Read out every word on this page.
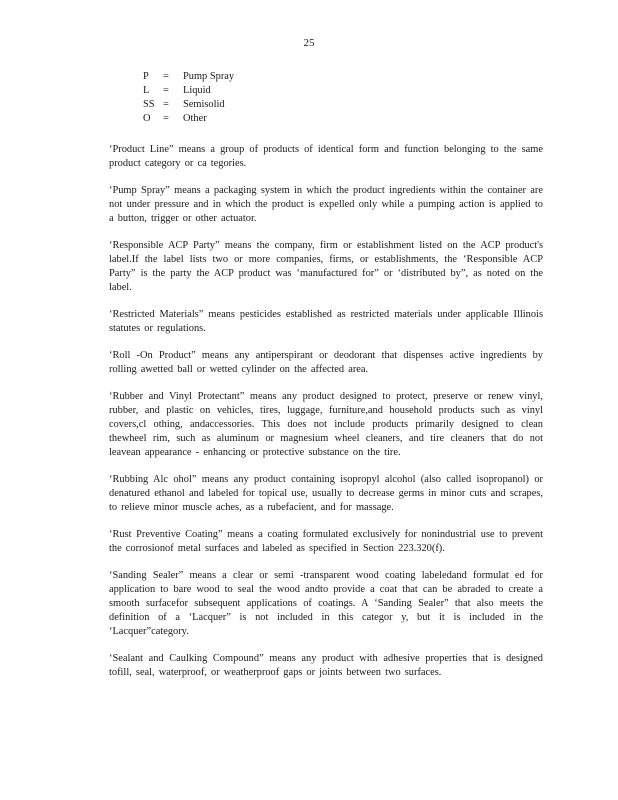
25
P	=	Pump Spray
L	=	Liquid
SS =	Semisolid
O	=	Other

‘Product Line” means a group of products of identical form and function belonging to the same product category or ca tegories.

‘Pump Spray” means a packaging system in which the product ingredients within the container are not under pressure and in which the product is expelled only while a pumping action is applied to a button, trigger or other actuator.

‘Responsible ACP Party” means the company, firm or establishment listed on the ACP product's label.If the label lists two or more companies, firms, or establishments, the ‘Responsible ACP Party” is the party the ACP product was ‘manufactured for” or ‘distributed by”, as noted on the label.

‘Restricted Materials” means pesticides established as restricted materials under applicable Illinois statutes or regulations.

‘Roll -On Product” means any antiperspirant or deodorant that dispenses active ingredients by rolling awetted ball or wetted cylinder on the affected area.

‘Rubber and Vinyl Protectant” means any product designed to protect, preserve or renew vinyl, rubber, and plastic on vehicles, tires, luggage, furniture,and household products such as vinyl covers,cl othing, andaccessories. This does not include products primarily designed to clean thewheel rim, such as aluminum or magnesium wheel cleaners, and tire cleaners that do not leavean appearance - enhancing or protective substance on the tire.

‘Rubbing Alc ohol” means any product containing isopropyl alcohol (also called isopropanol) or denatured ethanol and labeled for topical use, usually to decrease germs in minor cuts and scrapes, to relieve minor muscle aches, as a rubefacient, and for massage.

‘Rust Preventive Coating” means a coating formulated exclusively for nonindustrial use to prevent the corrosionof metal surfaces and labeled as specified in Section 223.320(f).

‘Sanding Sealer” means a clear or semi -transparent wood coating labeledand formulat ed for application to bare wood to seal the wood andto provide a coat that can be abraded to create a smooth surfacefor subsequent applications of coatings. A ‘Sanding Sealer” that also meets the definition of a ‘Lacquer” is not included in this categor y, but it is included in the ‘Lacquer”category.

‘Sealant and Caulking Compound” means any product with adhesive properties that is designed tofill, seal, waterproof, or weatherproof gaps or joints between two surfaces.
